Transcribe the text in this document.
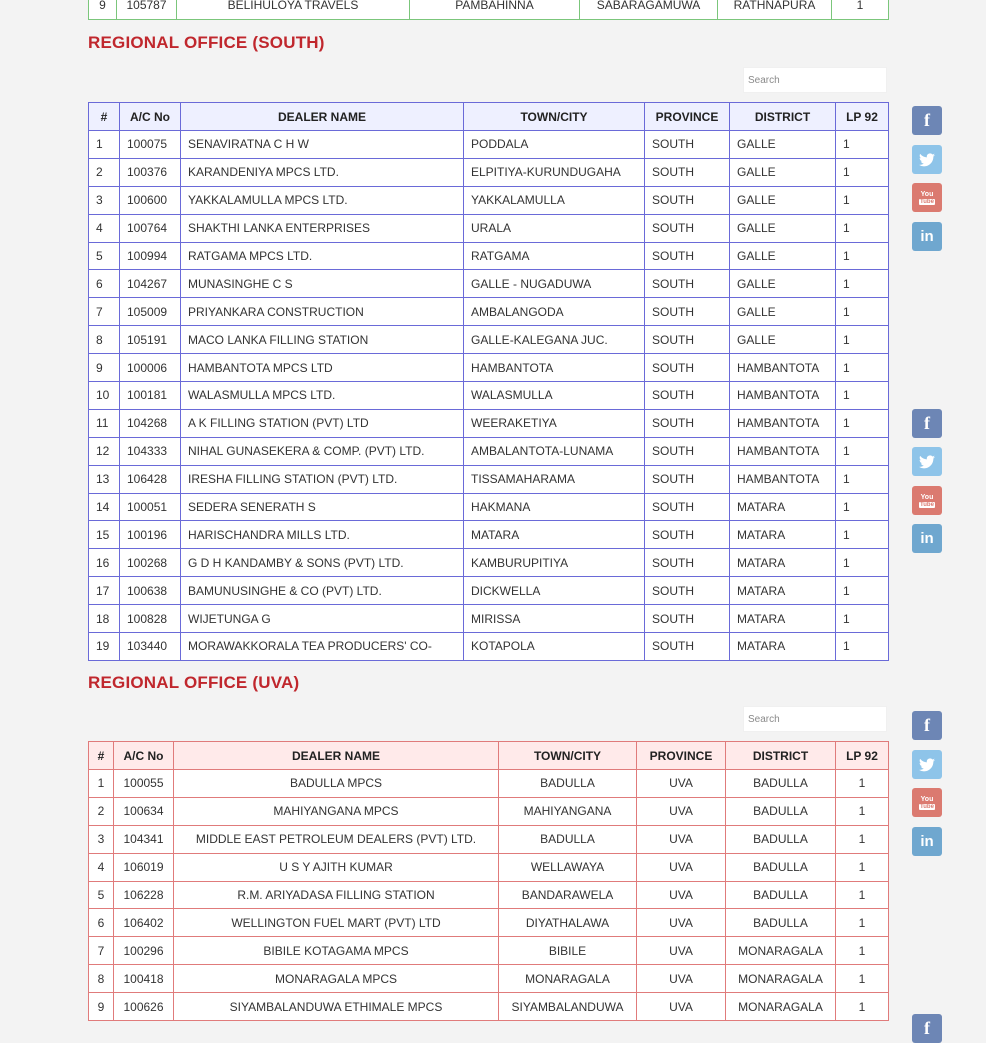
9	105787	BELIHULOYA TRAVELS	PAMBAHINNA	SABARAGAMUWA	RATHNAPURA	1
REGIONAL OFFICE (SOUTH)
Search
#	A/C No	DEALER NAME	TOWN/CITY	PROVINCE	DISTRICT	LP 92
1	100075	SENAVIRATNA C H W	PODDALA	SOUTH	GALLE	1
2	100376	KARANDENIYA MPCS LTD.	ELPITIYA-KURUNDUGAHA	SOUTH	GALLE	1
3	100600	YAKKALAMULLA MPCS LTD.	YAKKALAMULLA	SOUTH	GALLE	1
4	100764	SHAKTHI LANKA ENTERPRISES	URALA	SOUTH	GALLE	1
5	100994	RATGAMA MPCS LTD.	RATGAMA	SOUTH	GALLE	1
6	104267	MUNASINGHE C S	GALLE - NUGADUWA	SOUTH	GALLE	1
7	105009	PRIYANKARA CONSTRUCTION	AMBALANGODA	SOUTH	GALLE	1
8	105191	MACO LANKA FILLING STATION	GALLE-KALEGANA JUC.	SOUTH	GALLE	1
9	100006	HAMBANTOTA MPCS LTD	HAMBANTOTA	SOUTH	HAMBANTOTA	1
10	100181	WALASMULLA MPCS LTD.	WALASMULLA	SOUTH	HAMBANTOTA	1
11	104268	A K FILLING STATION (PVT) LTD	WEERAKETIYA	SOUTH	HAMBANTOTA	1
12	104333	NIHAL GUNASEKERA & COMP. (PVT) LTD.	AMBALANTOTA-LUNAMA	SOUTH	HAMBANTOTA	1
13	106428	IRESHA FILLING STATION (PVT) LTD.	TISSAMAHARAMA	SOUTH	HAMBANTOTA	1
14	100051	SEDERA SENERATH S	HAKMANA	SOUTH	MATARA	1
15	100196	HARISCHANDRA MILLS LTD.	MATARA	SOUTH	MATARA	1
16	100268	G D H KANDAMBY & SONS (PVT) LTD.	KAMBURUPITIYA	SOUTH	MATARA	1
17	100638	BAMUNUSINGHE & CO (PVT) LTD.	DICKWELLA	SOUTH	MATARA	1
18	100828	WIJETUNGA G	MIRISSA	SOUTH	MATARA	1
19	103440	MORAWAKKORALA TEA PRODUCERS' CO-	KOTAPOLA	SOUTH	MATARA	1
REGIONAL OFFICE (UVA)
Search
#	A/C No	DEALER NAME	TOWN/CITY	PROVINCE	DISTRICT	LP 92
1	100055	BADULLA MPCS	BADULLA	UVA	BADULLA	1
2	100634	MAHIYANGANA MPCS	MAHIYANGANA	UVA	BADULLA	1
3	104341	MIDDLE EAST PETROLEUM DEALERS (PVT) LTD.	BADULLA	UVA	BADULLA	1
4	106019	U S Y AJITH KUMAR	WELLAWAYA	UVA	BADULLA	1
5	106228	R.M. ARIYADASA FILLING STATION	BANDARAWELA	UVA	BADULLA	1
6	106402	WELLINGTON FUEL MART (PVT) LTD	DIYATHALAWA	UVA	BADULLA	1
7	100296	BIBILE KOTAGAMA MPCS	BIBILE	UVA	MONARAGALA	1
8	100418	MONARAGALA MPCS	MONARAGALA	UVA	MONARAGALA	1
9	100626	SIYAMBALANDUWA ETHIMALE MPCS	SIYAMBALANDUWA	UVA	MONARAGALA	1
f
You
Tube
in
f
You
Tube
in
f
You
Tube
in
f
